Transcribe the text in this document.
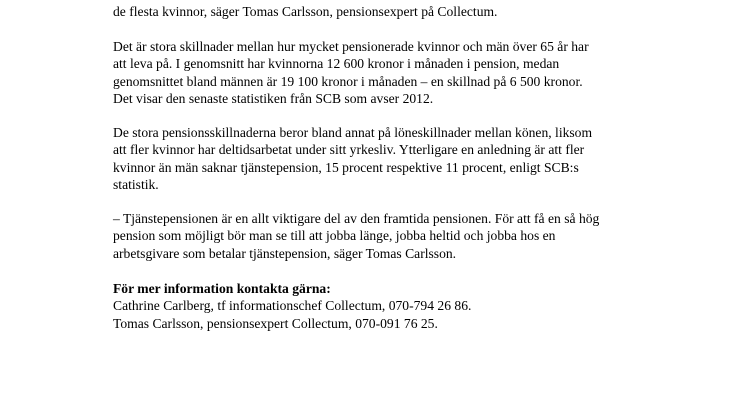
de flesta kvinnor, säger Tomas Carlsson, pensionsexpert på Collectum.
Det är stora skillnader mellan hur mycket pensionerade kvinnor och män över 65 år har
att leva på. I genomsnitt har kvinnorna 12 600 kronor i månaden i pension, medan
genomsnittet bland männen är 19 100 kronor i månaden – en skillnad på 6 500 kronor.
Det visar den senaste statistiken från SCB som avser 2012.
De stora pensionsskillnaderna beror bland annat på löneskillnader mellan könen, liksom
att fler kvinnor har deltidsarbetat under sitt yrkesliv. Ytterligare en anledning är att fler
kvinnor än män saknar tjänstepension, 15 procent respektive 11 procent, enligt SCB:s
statistik.
– Tjänstepensionen är en allt viktigare del av den framtida pensionen. För att få en så hög
pension som möjligt bör man se till att jobba länge, jobba heltid och jobba hos en
arbetsgivare som betalar tjänstepension, säger Tomas Carlsson.
För mer information kontakta gärna:
Cathrine Carlberg, tf informationschef Collectum, 070-794 26 86.
Tomas Carlsson, pensionsexpert Collectum, 070-091 76 25.
